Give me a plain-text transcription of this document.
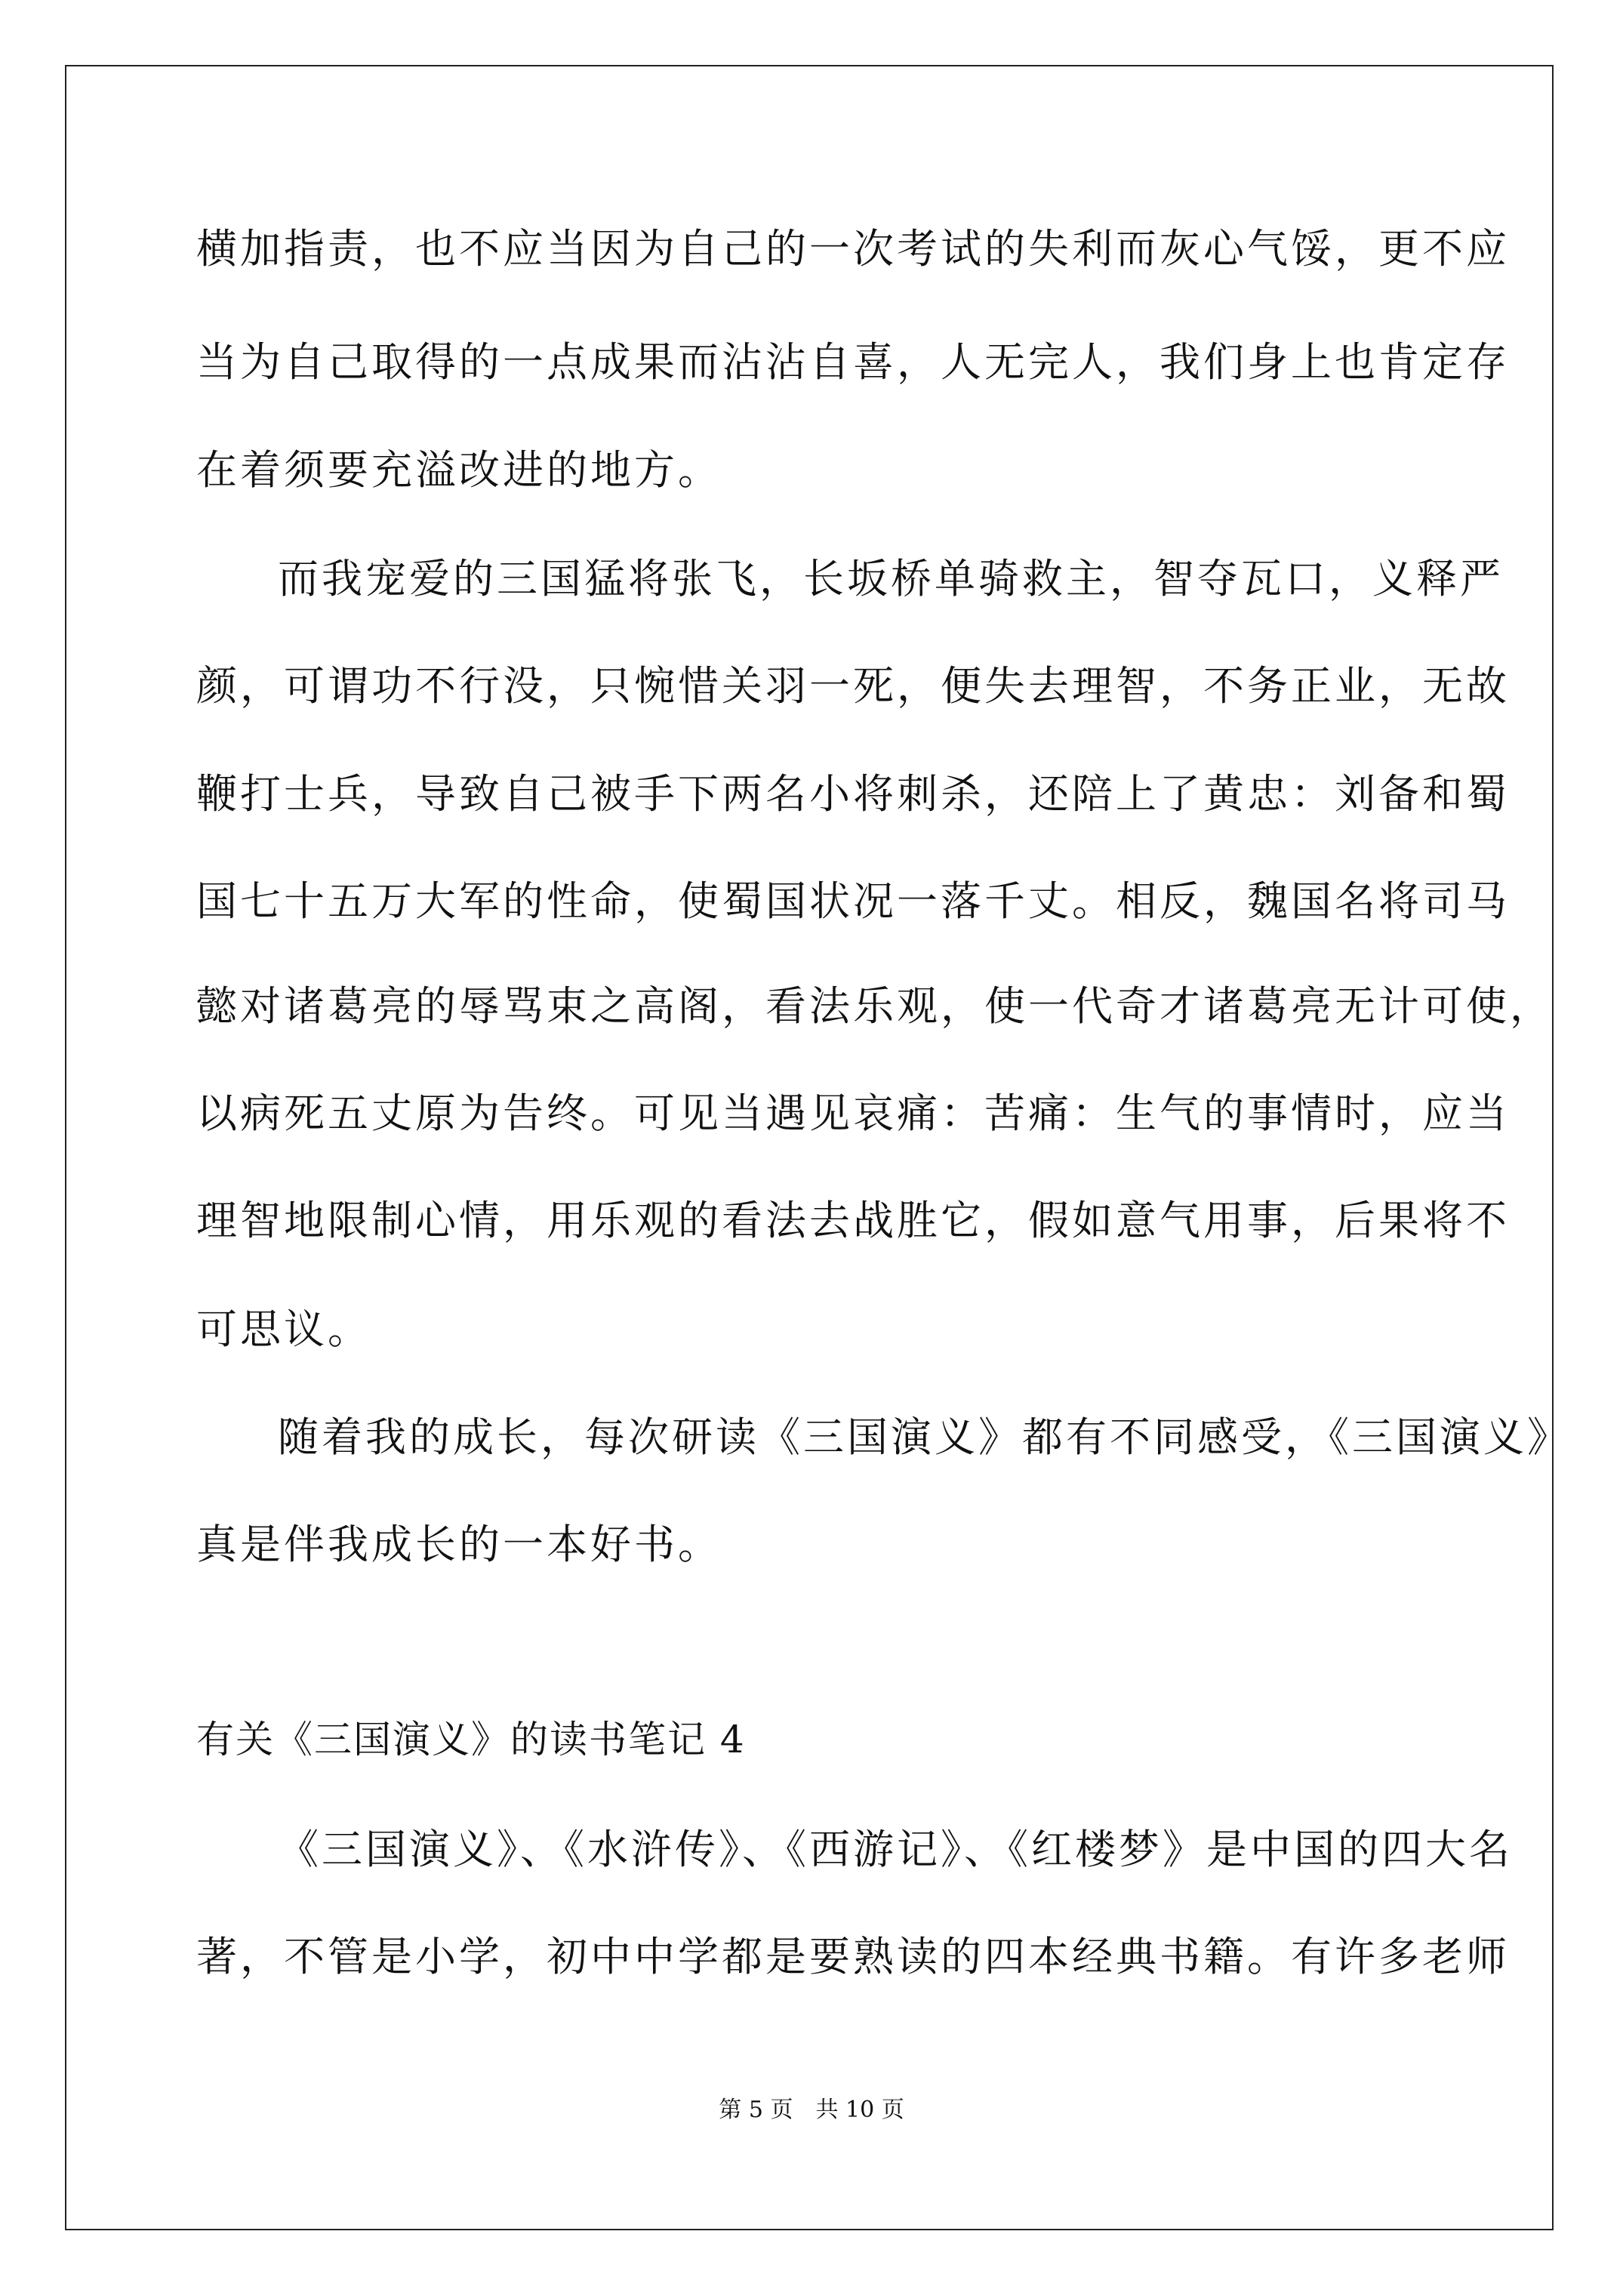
横加指责，也不应当因为自己的一次考试的失利而灰心气馁，更不应
当为自己取得的一点成果而沾沾自喜，人无完人，我们身上也肯定存
在着须要充溢改进的地方。
而我宠爱的三国猛将张飞，长坂桥单骑救主，智夺瓦口，义释严
颜，可谓功不行没，只惋惜关羽一死，便失去理智，不务正业，无故
鞭打士兵，导致自己被手下两名小将刺杀，还陪上了黄忠：刘备和蜀
国七十五万大军的性命，使蜀国状况一落千丈。相反，魏国名将司马
懿对诸葛亮的辱骂束之高阁，看法乐观，使一代奇才诸葛亮无计可使，
以病死五丈原为告终。可见当遇见哀痛：苦痛：生气的事情时，应当
理智地限制心情，用乐观的看法去战胜它，假如意气用事，后果将不
可思议。
随着我的成长，每次研读《三国演义》都有不同感受，《三国演义》
真是伴我成长的一本好书。
有关《三国演义》的读书笔记 4
《三国演义》、《水浒传》、《西游记》、《红楼梦》是中国的四大名
著，不管是小学，初中中学都是要熟读的四本经典书籍。有许多老师
第 5 页　共 10 页
